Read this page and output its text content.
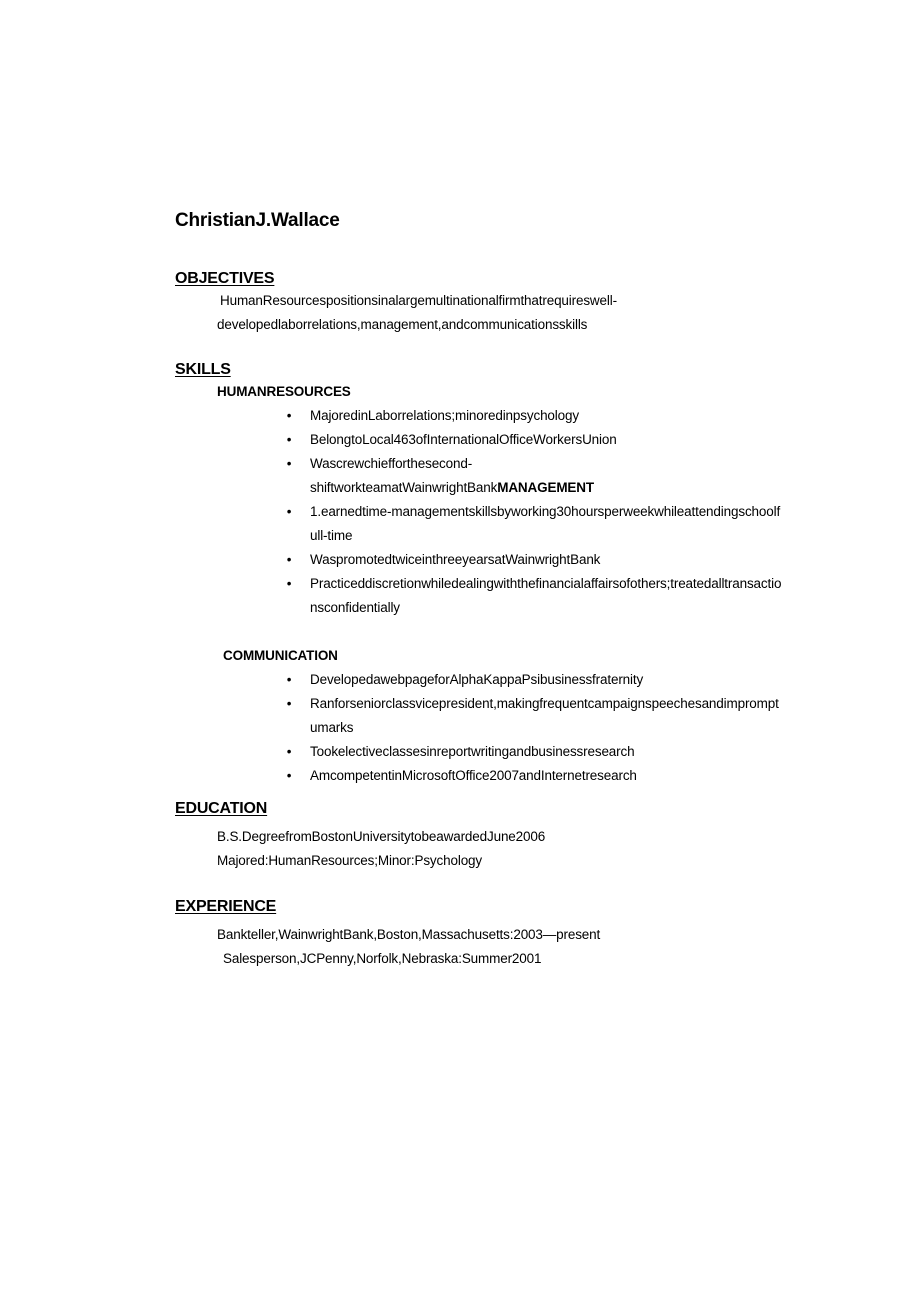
ChristianJ.Wallace
OBJECTIVES
HumanResourcespositionsinalargemultinationalfirmthatrequireswell-
developedlaborrelations,management,andcommunicationsskills
SKILLS
HUMANRESOURCES
• MajoredinLaborrelations;minoredinpsychology
• BelongtoLocal463ofInternationalOfficeWorkersUnion
• Wascrewchiefforthesecond-shiftworkteamatWainwrightBankMANAGEMENT
• 1.earnedtime-managementskillsbyworking30hoursperweekwhileattendingschoolfull-time
• WaspromotedtwiceinthreeyearsatWainwrightBank
• Practiceddiscretionwhiledealingwiththefinancialaffairsofothers;treatedalltransactionsconfidentially
COMMUNICATION
• DevelopedawebpageforAlphaKappaPsibusinessfraternity
• Ranforseniorclassvicepresident,makingfrequentcampaignspeechesandimpromptumarks
• Tookelectiveclassesinreportwritingandbusinessresearch
• AmcompetentinMicrosoftOffice2007andInternetresearch
EDUCATION
B.S.DegreefromBostonUniversitytobeawardedJune2006
Majored:HumanResources;Minor:Psychology
EXPERIENCE
Bankteller,WainwrightBank,Boston,Massachusetts:2003—present
Salesperson,JCPenny,Norfolk,Nebraska:Summer2001
